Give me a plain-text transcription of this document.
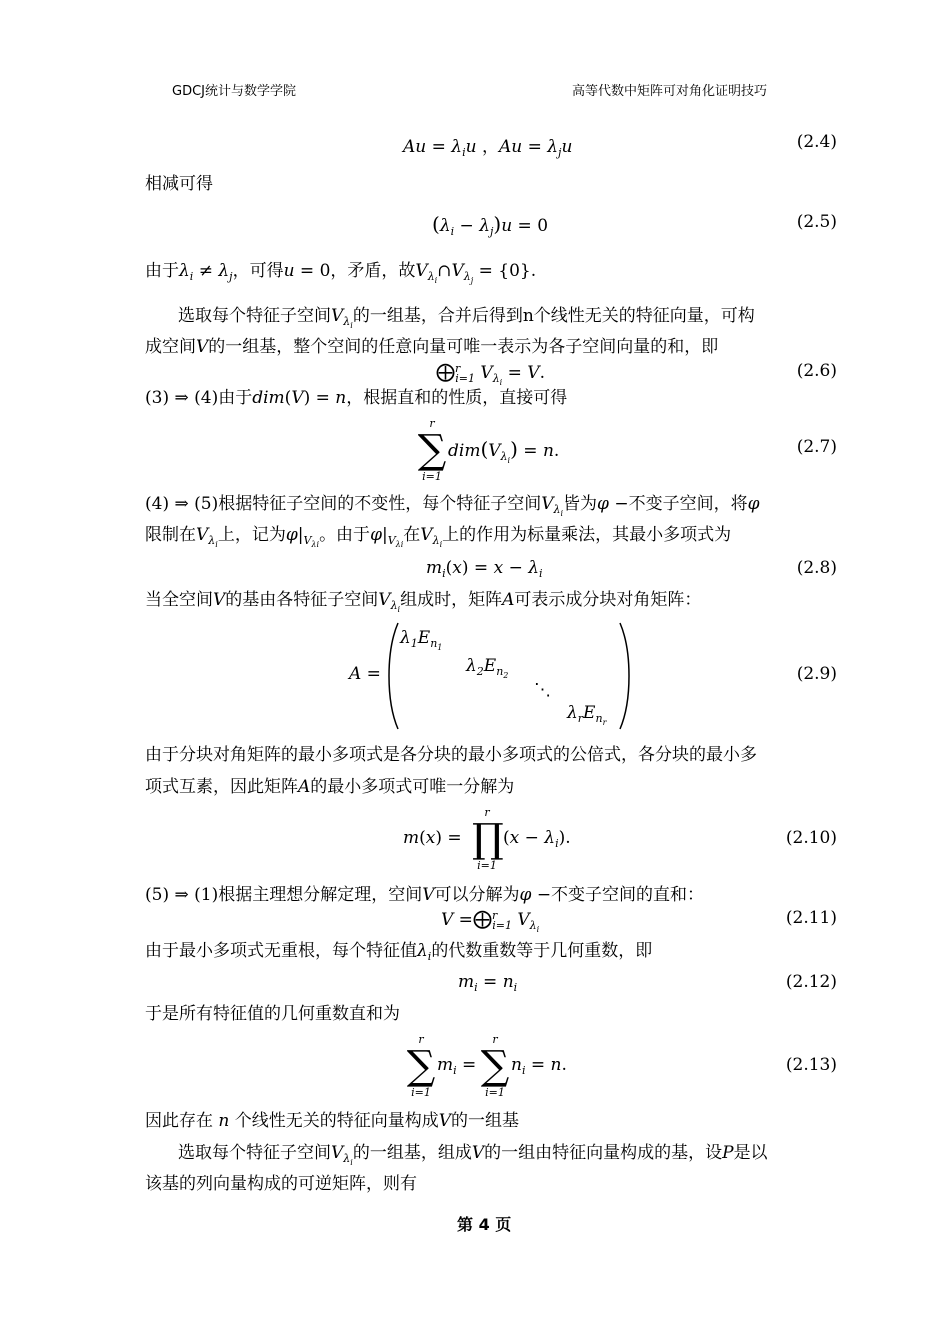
GDCJ统计与数学学院	高等代数中矩阵可对角化证明技巧
$Au = \lambda_iu$ ，$Au = \lambda_ju$	(2.4)
相减可得
$(\lambda_i - \lambda_j)u = 0$	(2.5)
由于$\lambda_i \ne \lambda_j$，可得u = 0，矛盾，故$V_{\lambda_i}\cap V_{\lambda_j} = \{0\}$.
选取每个特征子空间$V_{\lambda_i}$的一组基，合并后得到n个线性无关的特征向量，可构
成空间V的一组基，整个空间的任意向量可唯一表示为各子空间向量的和，即
⨁$^r_{i=1}$ $V_{\lambda_i} = V$.	(2.6)
(3) ⇒ (4)由于dim(V) = n，根据直和的性质，直接可得
r
∑
i=1
$dim(V_{\lambda_i}) = n$.	(2.7)
(4) ⇒ (5)根据特征子空间的不变性，每个特征子空间$V_{\lambda_i}$皆为φ −不变子空间，将φ
限制在$V_{\lambda_i}$上，记为$\varphi|_{V_{\lambda i}}$。由于$\varphi|_{V_{\lambda i}}$在$V_{\lambda_i}$上的作用为标量乘法，其最小多项式为
$m_i(x) = x - \lambda_i$	(2.8)
当全空间V的基由各特征子空间$V_{\lambda_i}$组成时，矩阵A可表示成分块对角矩阵：
A =
$\lambda_1E_{n_1}$
$\lambda_2E_{n_2}$
⋱
$\lambda_rE_{n_r}$
(2.9)
由于分块对角矩阵的最小多项式是各分块的最小多项式的公倍式，各分块的最小多
项式互素，因此矩阵A的最小多项式可唯一分解为
m(x) =
r
∏
i=1
$(x - \lambda_i)$.	(2.10)
(5) ⇒ (1)根据主理想分解定理，空间V可以分解为φ −不变子空间的直和：
V =⨁$^r_{i=1}$ $V_{\lambda_i}$
(2.11)
由于最小多项式无重根，每个特征值$\lambda_i$的代数重数等于几何重数，即
$m_i = n_i$	(2.12)
于是所有特征值的几何重数直和为
r
∑
i=1
$m_i$ =
r
∑
i=1
$n_i = n$.	(2.13)
因此存在 n 个线性无关的特征向量构成V的一组基
选取每个特征子空间$V_{\lambda_i}$的一组基，组成V的一组由特征向量构成的基，设P是以
该基的列向量构成的可逆矩阵，则有
第 4 页
